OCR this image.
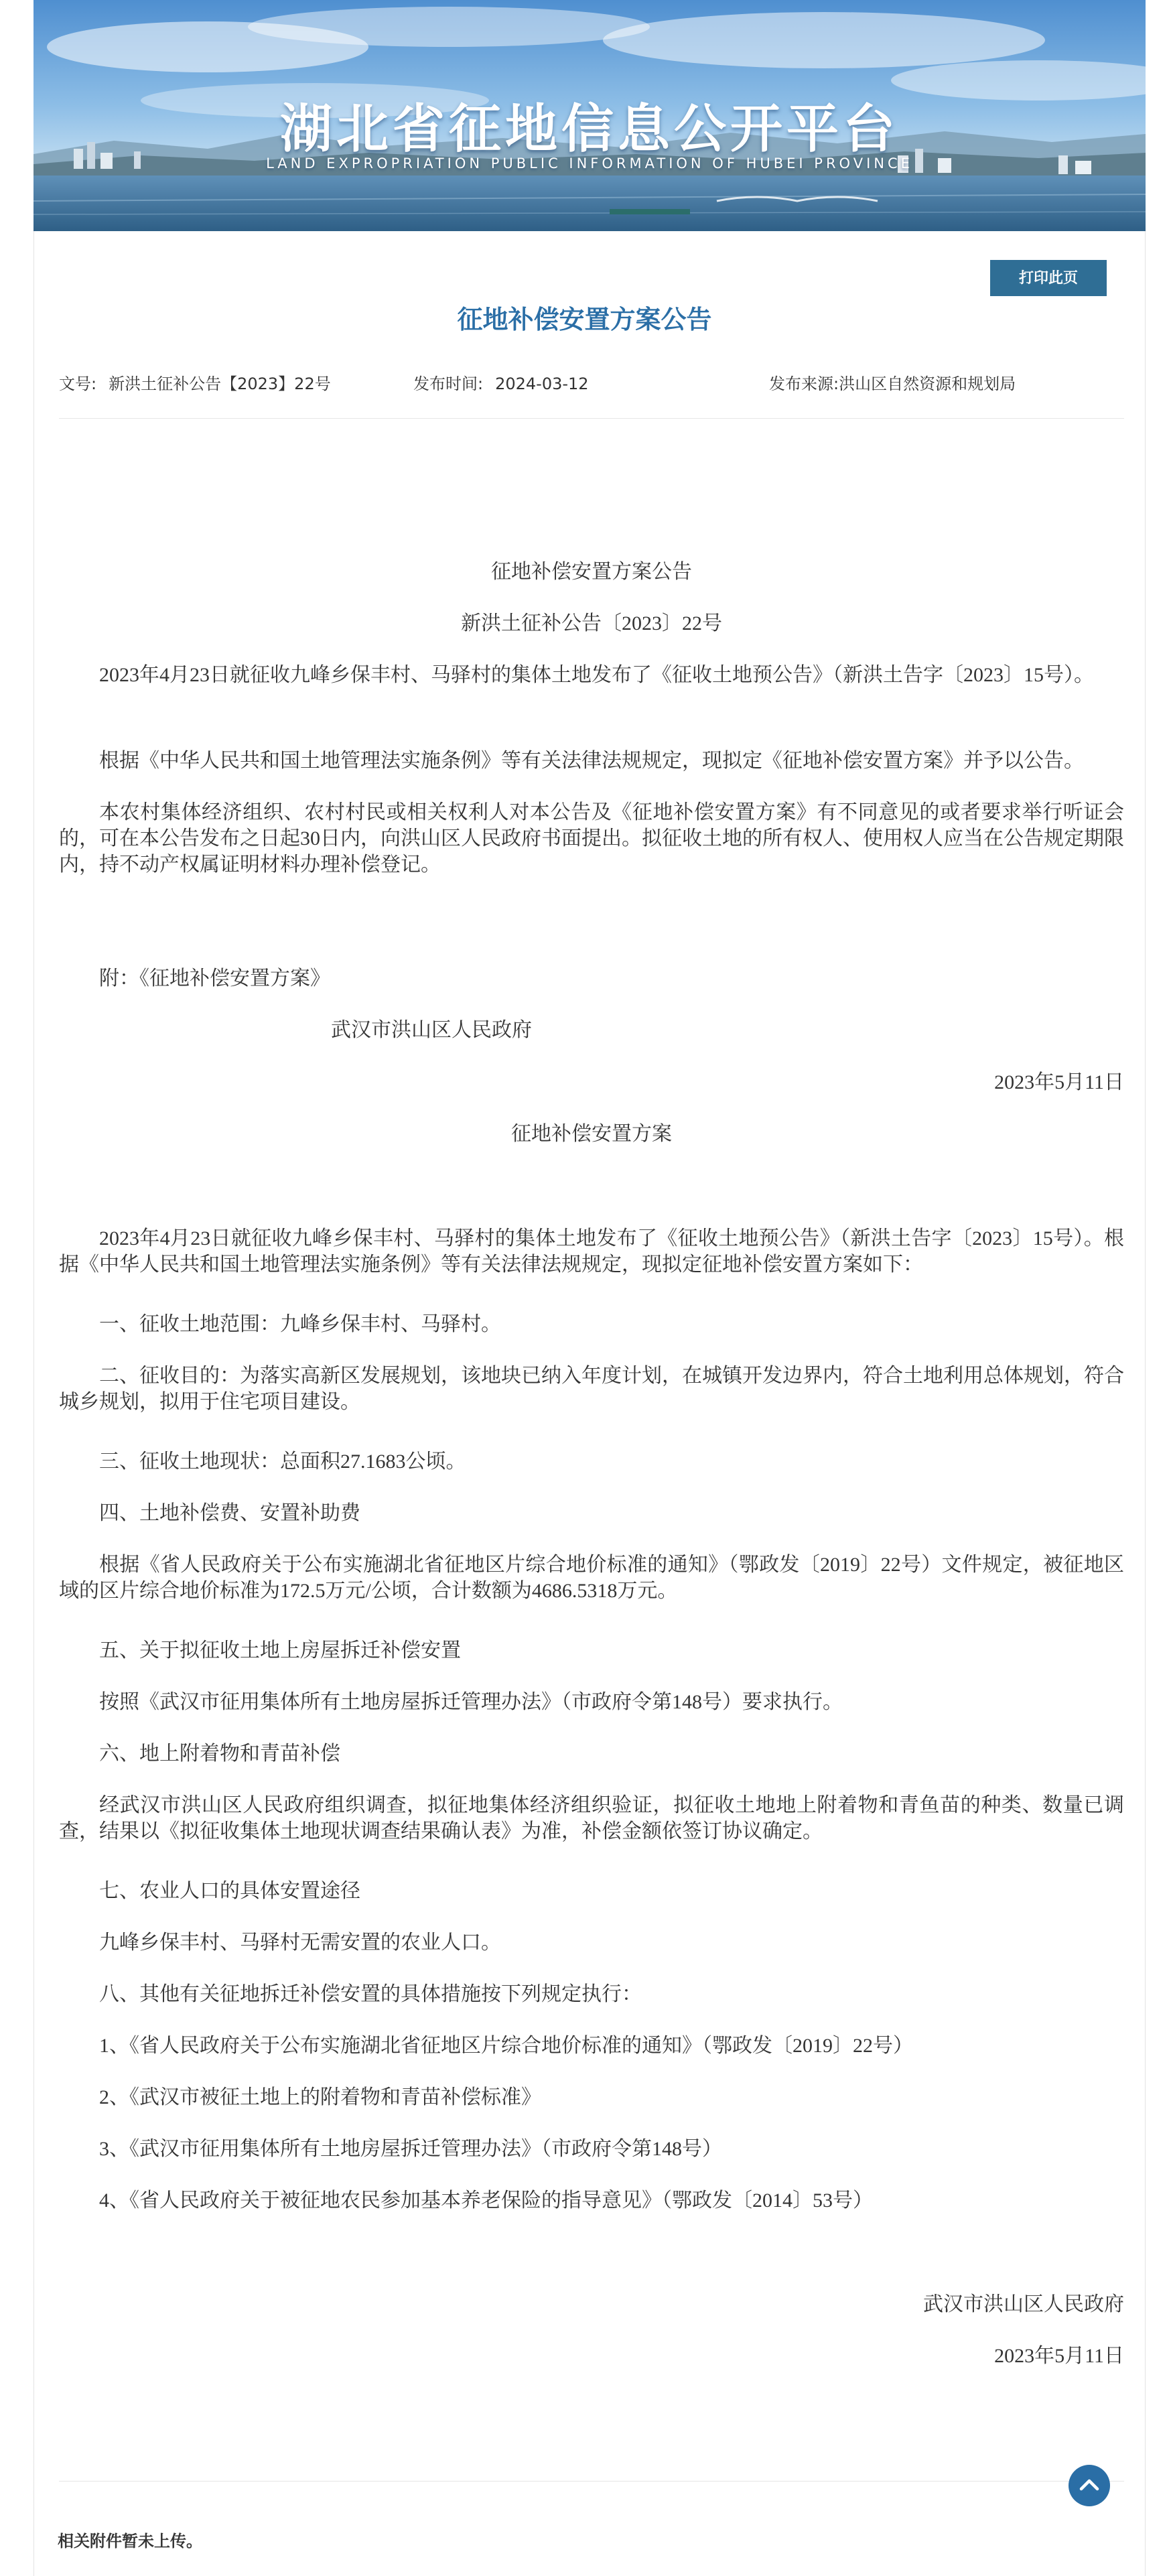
湖北省征地信息公开平台
LAND EXPROPRIATION PUBLIC INFORMATION OF HUBEI PROVINCE
打印此页
征地补偿安置方案公告
文号: 新洪土征补公告【2023】22号	发布时间: 2024-03-12	发布来源:洪山区自然资源和规划局
征地补偿安置方案公告
新洪土征补公告〔2023〕22号
2023年4月23日就征收九峰乡保丰村、马驿村的集体土地发布了《征收土地预公告》（新洪土告字〔2023〕15号）。
根据《中华人民共和国土地管理法实施条例》等有关法律法规规定，现拟定《征地补偿安置方案》并予以公告。
本农村集体经济组织、农村村民或相关权利人对本公告及《征地补偿安置方案》有不同意见的或者要求举行听证会的，可在本公告发布之日起30日内，向洪山区人民政府书面提出。拟征收土地的所有权人、使用权人应当在公告规定期限内，持不动产权属证明材料办理补偿登记。
附：《征地补偿安置方案》
武汉市洪山区人民政府
2023年5月11日
征地补偿安置方案
2023年4月23日就征收九峰乡保丰村、马驿村的集体土地发布了《征收土地预公告》（新洪土告字〔2023〕15号）。根据《中华人民共和国土地管理法实施条例》等有关法律法规规定，现拟定征地补偿安置方案如下：
一、征收土地范围：九峰乡保丰村、马驿村。
二、征收目的：为落实高新区发展规划，该地块已纳入年度计划，在城镇开发边界内，符合土地利用总体规划，符合城乡规划，拟用于住宅项目建设。
三、征收土地现状：总面积27.1683公顷。
四、土地补偿费、安置补助费
根据《省人民政府关于公布实施湖北省征地区片综合地价标准的通知》（鄂政发〔2019〕22号）文件规定，被征地区域的区片综合地价标准为172.5万元/公顷，合计数额为4686.5318万元。
五、关于拟征收土地上房屋拆迁补偿安置
按照《武汉市征用集体所有土地房屋拆迁管理办法》（市政府令第148号）要求执行。
六、地上附着物和青苗补偿
经武汉市洪山区人民政府组织调查，拟征地集体经济组织验证，拟征收土地地上附着物和青鱼苗的种类、数量已调查，结果以《拟征收集体土地现状调查结果确认表》为准，补偿金额依签订协议确定。
七、农业人口的具体安置途径
九峰乡保丰村、马驿村无需安置的农业人口。
八、其他有关征地拆迁补偿安置的具体措施按下列规定执行：
1、《省人民政府关于公布实施湖北省征地区片综合地价标准的通知》（鄂政发〔2019〕22号）
2、《武汉市被征土地上的附着物和青苗补偿标准》
3、《武汉市征用集体所有土地房屋拆迁管理办法》（市政府令第148号）
4、《省人民政府关于被征地农民参加基本养老保险的指导意见》（鄂政发〔2014〕53号）
武汉市洪山区人民政府
2023年5月11日
相关附件暂未上传。
